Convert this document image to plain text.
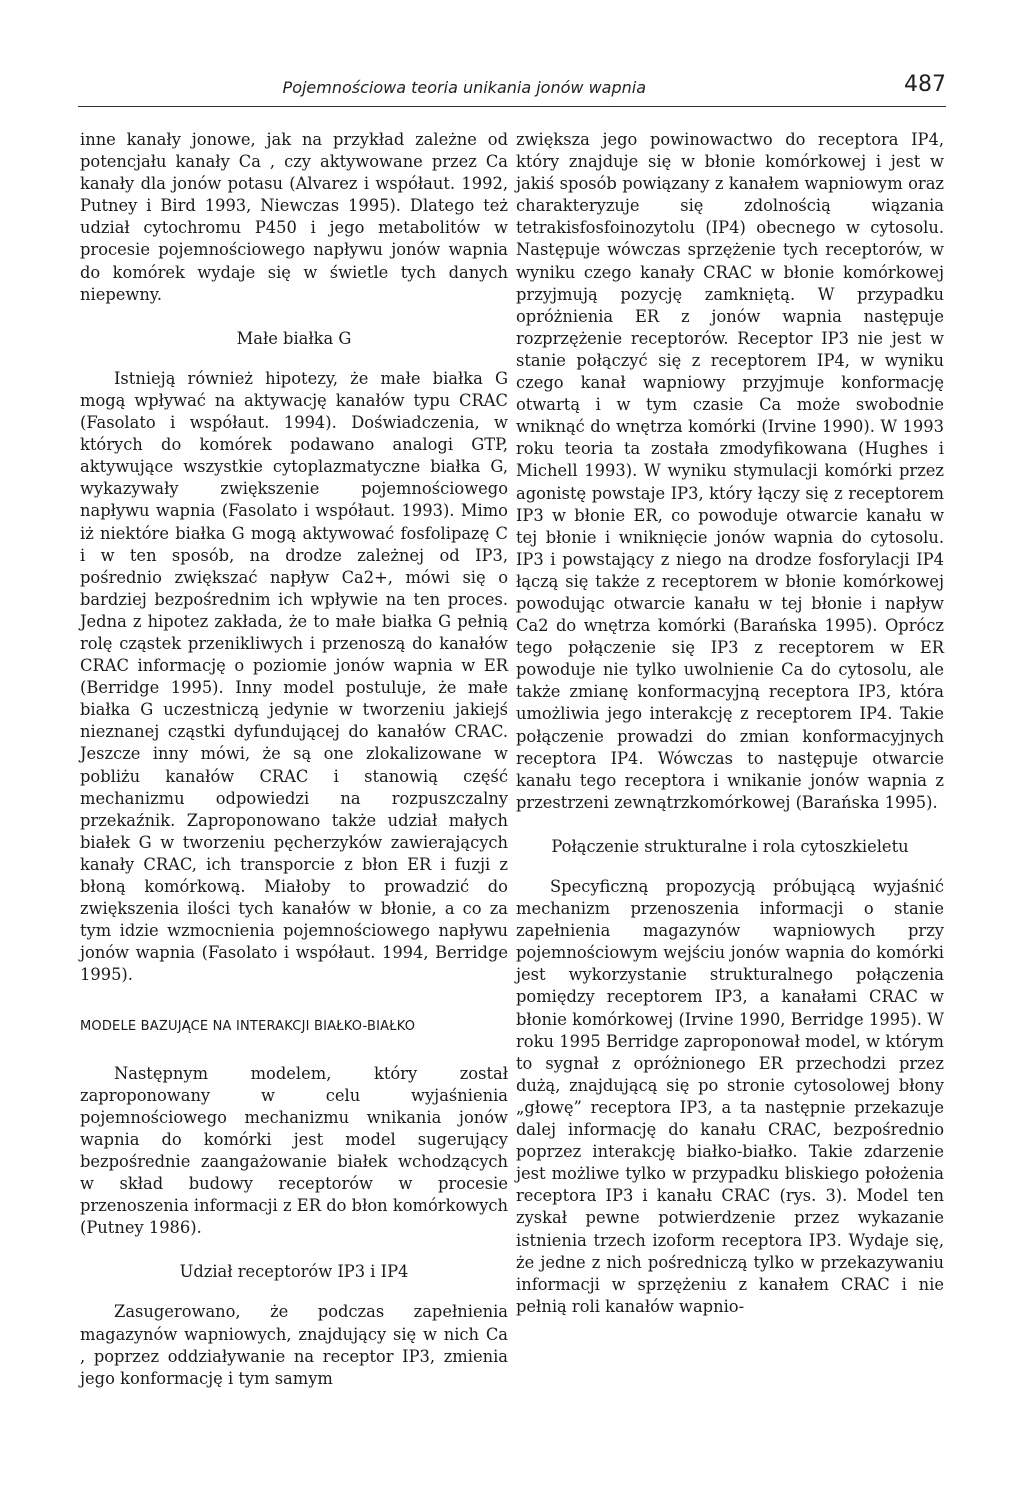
Pojemnościowa teoria unikania jonów wapnia	487

inne kanały jonowe, jak na przykład zależne od potencjału kanały Ca , czy aktywowane przez Ca kanały dla jonów potasu (Alvarez i współaut. 1992, Putney i Bird 1993, Niewczas 1995). Dlatego też udział cytochromu P450 i jego metabolitów w procesie pojemnościowego napływu jonów wapnia do komórek wydaje się w świetle tych danych niepewny.

Małe białka G

Istnieją również hipotezy, że małe białka G mogą wpływać na aktywację kanałów typu CRAC (Fasolato i współaut. 1994). Doświadczenia, w których do komórek podawano analogi GTP, aktywujące wszystkie cytoplazmatyczne białka G, wykazywały zwiększenie pojemnościowego napływu wapnia (Fasolato i współaut. 1993). Mimo iż niektóre białka G mogą aktywować fosfolipazę C i w ten sposób, na drodze zależnej od IP3, pośrednio zwiększać napływ Ca2+, mówi się o bardziej bezpośrednim ich wpływie na ten proces. Jedna z hipotez zakłada, że to małe białka G pełnią rolę cząstek przenikliwych i przenoszą do kanałów CRAC informację o poziomie jonów wapnia w ER (Berridge 1995). Inny model postuluje, że małe białka G uczestniczą jedynie w tworzeniu jakiejś nieznanej cząstki dyfundującej do kanałów CRAC. Jeszcze inny mówi, że są one zlokalizowane w pobliżu kanałów CRAC i stanowią część mechanizmu odpowiedzi na rozpuszczalny przekaźnik. Zaproponowano także udział małych białek G w tworzeniu pęcherzyków zawierających kanały CRAC, ich transporcie z błon ER i fuzji z błoną komórkową. Miałoby to prowadzić do zwiększenia ilości tych kanałów w błonie, a co za tym idzie wzmocnienia pojemnościowego napływu jonów wapnia (Fasolato i współaut. 1994, Berridge 1995).

MODELE BAZUJĄCE NA INTERAKCJI BIAŁKO-BIAŁKO

Następnym modelem, który został zaproponowany w celu wyjaśnienia pojemnościowego mechanizmu wnikania jonów wapnia do komórki jest model sugerujący bezpośrednie zaangażowanie białek wchodzących w skład budowy receptorów w procesie przenoszenia informacji z ER do błon komórkowych (Putney 1986).

Udział receptorów IP3 i IP4

Zasugerowano, że podczas zapełnienia magazynów wapniowych, znajdujący się w nich Ca , poprzez oddziaływanie na receptor IP3, zmienia jego konformację i tym samym

zwiększa jego powinowactwo do receptora IP4, który znajduje się w błonie komórkowej i jest w jakiś sposób powiązany z kanałem wapniowym oraz charakteryzuje się zdolnością wiązania tetrakisfosfoinozytolu (IP4) obecnego w cytosolu. Następuje wówczas sprzężenie tych receptorów, w wyniku czego kanały CRAC w błonie komórkowej przyjmują pozycję zamkniętą. W przypadku opróżnienia ER z jonów wapnia następuje rozprzężenie receptorów. Receptor IP3 nie jest w stanie połączyć się z receptorem IP4, w wyniku czego kanał wapniowy przyjmuje konformację otwartą i w tym czasie Ca może swobodnie wniknąć do wnętrza komórki (Irvine 1990). W 1993 roku teoria ta została zmodyfikowana (Hughes i Michell 1993). W wyniku stymulacji komórki przez agonistę powstaje IP3, który łączy się z receptorem IP3 w błonie ER, co powoduje otwarcie kanału w tej błonie i wniknięcie jonów wapnia do cytosolu. IP3 i powstający z niego na drodze fosforylacji IP4 łączą się także z receptorem w błonie komórkowej powodując otwarcie kanału w tej błonie i napływ Ca2 do wnętrza komórki (Barańska 1995). Oprócz tego połączenie się IP3 z receptorem w ER powoduje nie tylko uwolnienie Ca do cytosolu, ale także zmianę konformacyjną receptora IP3, która umożliwia jego interakcję z receptorem IP4. Takie połączenie prowadzi do zmian konformacyjnych receptora IP4. Wówczas to następuje otwarcie kanału tego receptora i wnikanie jonów wapnia z przestrzeni zewnątrzkomórkowej (Barańska 1995).

Połączenie strukturalne i rola cytoszkieletu

Specyficzną propozycją próbującą wyjaśnić mechanizm przenoszenia informacji o stanie zapełnienia magazynów wapniowych przy pojemnościowym wejściu jonów wapnia do komórki jest wykorzystanie strukturalnego połączenia pomiędzy receptorem IP3, a kanałami CRAC w błonie komórkowej (Irvine 1990, Berridge 1995). W roku 1995 Berridge zaproponował model, w którym to sygnał z opróżnionego ER przechodzi przez dużą, znajdującą się po stronie cytosolowej błony „głowę” receptora IP3, a ta następnie przekazuje dalej informację do kanału CRAC, bezpośrednio poprzez interakcję białko-białko. Takie zdarzenie jest możliwe tylko w przypadku bliskiego położenia receptora IP3 i kanału CRAC (rys. 3). Model ten zyskał pewne potwierdzenie przez wykazanie istnienia trzech izoform receptora IP3. Wydaje się, że jedne z nich pośredniczą tylko w przekazywaniu informacji w sprzężeniu z kanałem CRAC i nie pełnią roli kanałów wapnio-
